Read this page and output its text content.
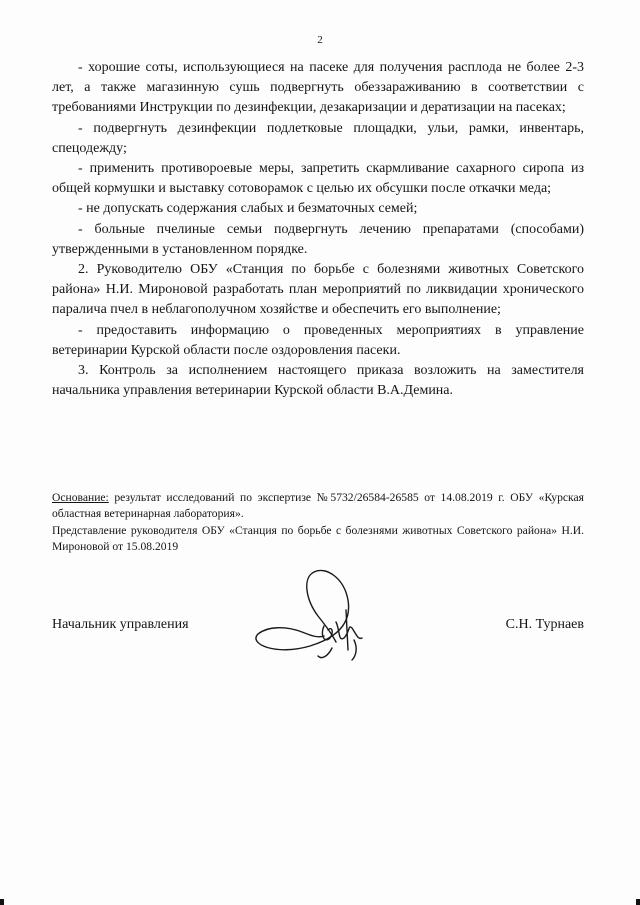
2

- хорошие соты, использующиеся на пасеке для получения расплода не более 2-3 лет, а также магазинную сушь подвергнуть обеззараживанию в соответствии с требованиями Инструкции по дезинфекции, дезакаризации и дератизации на пасеках;

- подвергнуть дезинфекции подлетковые площадки, ульи, рамки, инвентарь, спецодежду;

- применить противороевые меры, запретить скармливание сахарного сиропа из общей кормушки и выставку сотоворамок с целью их обсушки после откачки меда;

- не допускать содержания слабых и безматочных семей;

- больные пчелиные семьи подвергнуть лечению препаратами (способами) утвержденными в установленном порядке.

2. Руководителю ОБУ «Станция по борьбе с болезнями животных Советского района» Н.И. Мироновой разработать план мероприятий по ликвидации хронического паралича пчел в неблагополучном хозяйстве и обеспечить его выполнение;

- предоставить информацию о проведенных мероприятиях в управление ветеринарии Курской области после оздоровления пасеки.

3. Контроль за исполнением настоящего приказа возложить на заместителя начальника управления ветеринарии Курской области В.А.Демина.

Основание: результат исследований по экспертизе №5732/26584-26585 от 14.08.2019 г. ОБУ «Курская областная ветеринарная лаборатория».

Представление руководителя ОБУ «Станция по борьбе с болезнями животных Советского района» Н.И. Мироновой от 15.08.2019

Начальник управления	С.Н. Турнаев
